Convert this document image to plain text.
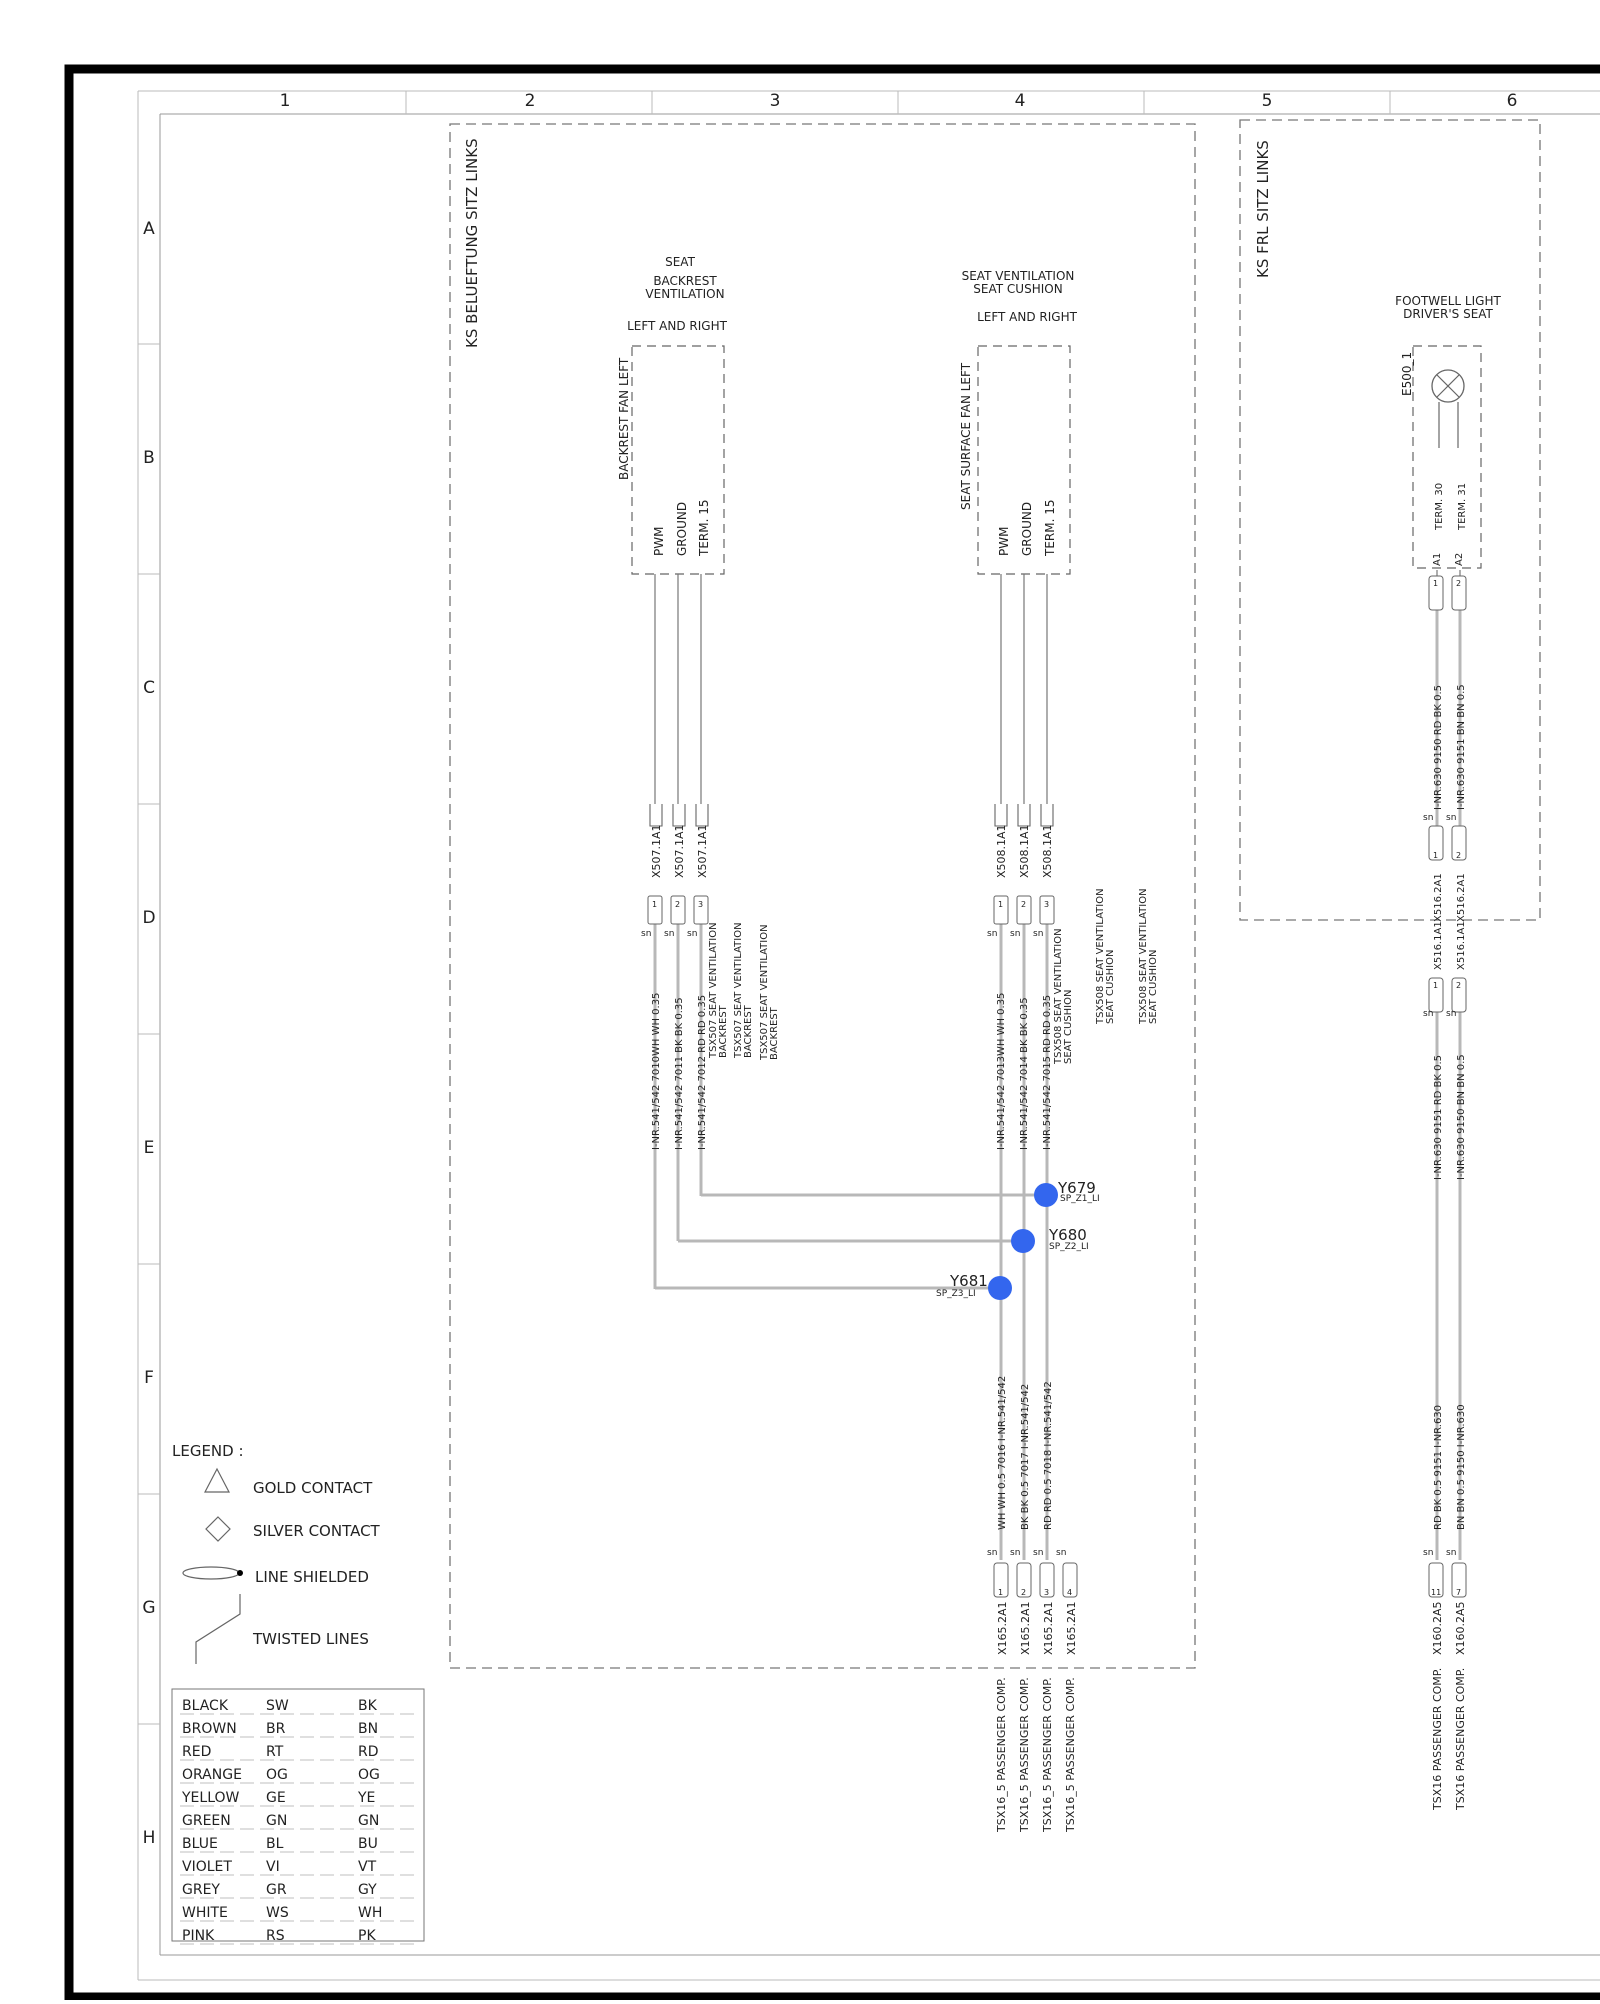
1	2	3	4	5	6
A
B
C
D
E
F
G
H
KS BELUEFTUNG SITZ LINKS	KS FRL SITZ LINKS
SEAT
BACKREST
VENTILATION
LEFT AND RIGHT
BACKREST FAN LEFT
PWM GROUND TERM. 15
SEAT VENTILATION
SEAT CUSHION
LEFT AND RIGHT
SEAT SURFACE FAN LEFT
PWM GROUND TERM. 15
FOOTWELL LIGHT
DRIVER'S SEAT
E500_1
TERM. 30 TERM. 31
A1 A2
X507.1A1 X507.1A1 X507.1A1
1 2 3
sn sn sn
I-NR.541/542 7010WH WH 0.35 I-NR.541/542 7011 BK BK 0.35 I-NR.541/542 7012 RD RD 0.35
TSX507 SEAT VENTILATION BACKREST TSX507 SEAT VENTILATION BACKREST TSX507 SEAT VENTILATION BACKREST
X508.1A1 X508.1A1 X508.1A1
1 2 3
sn sn sn
I-NR.541/542 7013WH WH 0.35 I-NR.541/542 7014 BK BK 0.35 I-NR.541/542 7015 RD RD 0.35 TSX508 SEAT VENTILATION SEAT CUSHION
TSX508 SEAT VENTILATION SEAT CUSHION TSX508 SEAT VENTILATION SEAT CUSHION
Y679
SP_Z1_LI
Y680
SP_Z2_LI
Y681
SP_Z3_LI
WH WH 0.5 7016 I-NR.541/542 BK BK 0.5 7017 I-NR.541/542 RD RD 0.5 7018 I-NR.541/542
sn sn sn sn
1 2 3 4
X165.2A1 X165.2A1 X165.2A1 X165.2A1
TSX16_5 PASSENGER COMP. TSX16_5 PASSENGER COMP. TSX16_5 PASSENGER COMP. TSX16_5 PASSENGER COMP.
1 2
I-NR.630 9150 RD BK 0.5 I-NR.630 9151 BN BN 0.5
sn sn
1 2
X516.2A1 X516.2A1
X516.1A1 X516.1A1
1 2
sn sn
I-NR.630 9151 RD BK 0.5 I-NR.630 9150 BN BN 0.5
RD BK 0.5 9151 I-NR.630 BN BN 0.5 9150 I-NR.630
sn sn
11 7
X160.2A5 X160.2A5
TSX16 PASSENGER COMP. TSX16 PASSENGER COMP.
LEGEND :
GOLD CONTACT
SILVER CONTACT
LINE SHIELDED
TWISTED LINES
BLACK	SW	BK
BROWN BR	BN
RED	RT	RD
ORANGE OG	OG
YELLOW GE	YE
GREEN	GN	GN
BLUE	BL	BU
VIOLET VI	VT
GREY	GR	GY
WHITE	WS	WH
PINK	RS	PK
